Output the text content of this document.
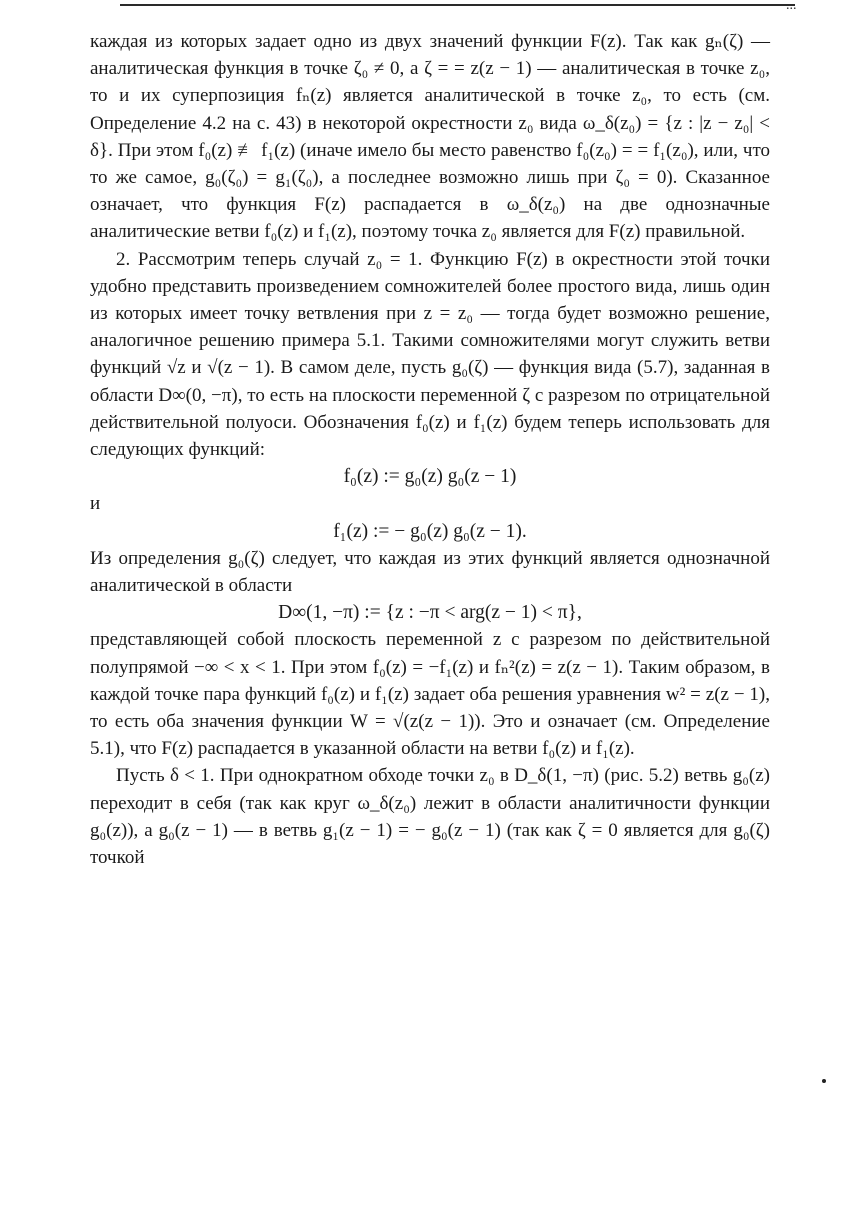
...

каждая из которых задает одно из двух значений функции F(z). Так как gₙ(ζ) — аналитическая функция в точке ζ₀ ≠ 0, а ζ = = z(z − 1) — аналитическая в точке z₀, то и их суперпозиция fₙ(z) является аналитической в точке z₀, то есть (см. Определение 4.2 на с. 43) в некоторой окрестности z₀ вида ω_δ(z₀) = {z : |z − z₀| < δ}. При этом f₀(z) ≢ f₁(z) (иначе имело бы место равенство f₀(z₀) = = f₁(z₀), или, что то же самое, g₀(ζ₀) = g₁(ζ₀), а последнее возможно лишь при ζ₀ = 0). Сказанное означает, что функция F(z) распадается в ω_δ(z₀) на две однозначные аналитические ветви f₀(z) и f₁(z), поэтому точка z₀ является для F(z) правильной.

2. Рассмотрим теперь случай z₀ = 1. Функцию F(z) в окрестности этой точки удобно представить произведением сомножителей более простого вида, лишь один из которых имеет точку ветвления при z = z₀ — тогда будет возможно решение, аналогичное решению примера 5.1. Такими сомножителями могут служить ветви функций √z и √(z − 1). В самом деле, пусть g₀(ζ) — функция вида (5.7), заданная в области D∞(0, −π), то есть на плоскости переменной ζ с разрезом по отрицательной действительной полуоси. Обозначения f₀(z) и f₁(z) будем теперь использовать для следующих функций:

f₀(z) := g₀(z) g₀(z − 1)

и

f₁(z) := − g₀(z) g₀(z − 1).

Из определения g₀(ζ) следует, что каждая из этих функций является однозначной аналитической в области

D∞(1, −π) := {z : −π < arg(z − 1) < π},

представляющей собой плоскость переменной z с разрезом по действительной полупрямой −∞ < x < 1. При этом f₀(z) = −f₁(z) и fₙ²(z) = z(z − 1). Таким образом, в каждой точке пара функций f₀(z) и f₁(z) задает оба решения уравнения w² = z(z − 1), то есть оба значения функции W = √(z(z − 1)). Это и означает (см. Определение 5.1), что F(z) распадается в указанной области на ветви f₀(z) и f₁(z).

Пусть δ < 1. При однократном обходе точки z₀ в D_δ(1, −π) (рис. 5.2) ветвь g₀(z) переходит в себя (так как круг ω_δ(z₀) лежит в области аналитичности функции g₀(z)), а g₀(z − 1) — в ветвь g₁(z − 1) = − g₀(z − 1) (так как ζ = 0 является для g₀(ζ) точкой
